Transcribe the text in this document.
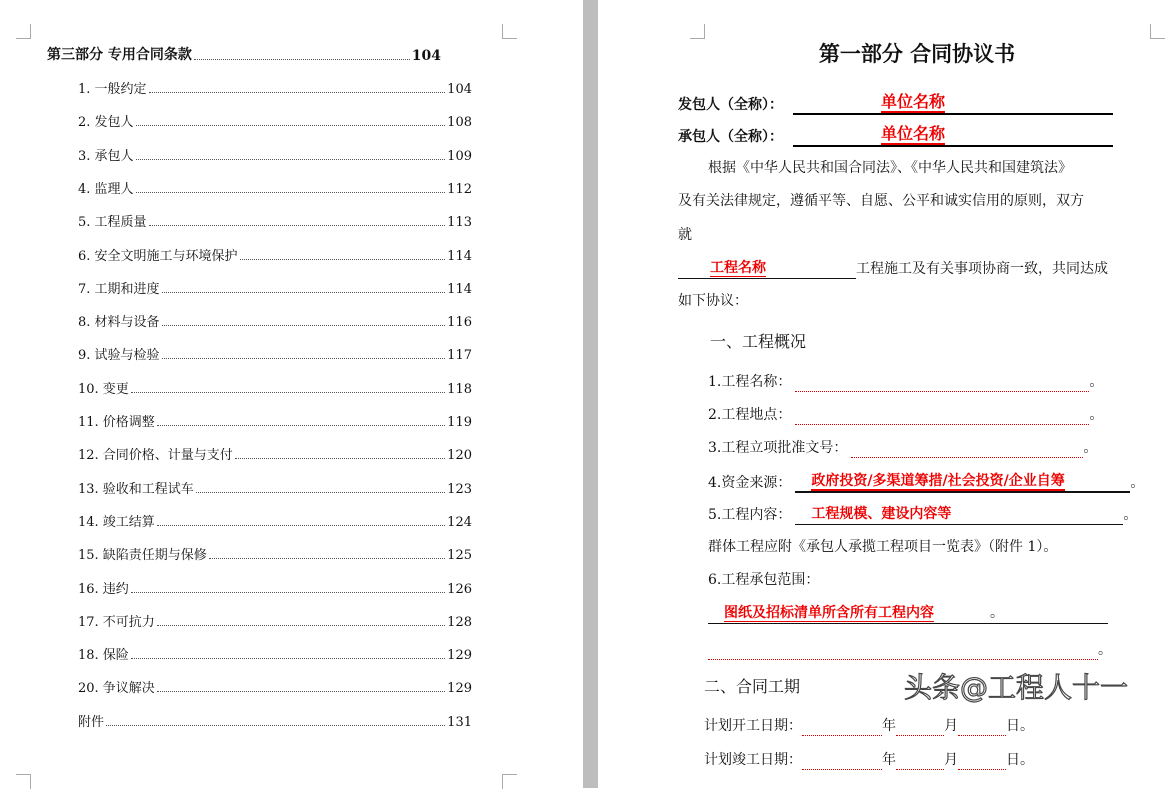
第三部分 专用合同条款	104
1. 一般约定	104
2. 发包人	108
3. 承包人	109
4. 监理人	112
5. 工程质量	113
6. 安全文明施工与环境保护	114
7. 工期和进度	114
8. 材料与设备	116
9. 试验与检验	117
10. 变更	118
11. 价格调整	119
12. 合同价格、计量与支付	120
13. 验收和工程试车	123
14. 竣工结算	124
15. 缺陷责任期与保修	125
16. 违约	126
17. 不可抗力	128
18. 保险	129
20. 争议解决	129
附件	131
第一部分 合同协议书
发包人（全称）：	单位名称
承包人（全称）：	单位名称
根据《中华人民共和国合同法》、《中华人民共和国建筑法》
及有关法律规定，遵循平等、自愿、公平和诚实信用的原则，双方
就
工程名称	工程施工及有关事项协商一致，共同达成
如下协议：
一、工程概况
1.工程名称：	。
2.工程地点：	。
3.工程立项批准文号：	。
4.资金来源： 政府投资/多渠道筹措/社会投资/企业自筹	。
5.工程内容： 工程规模、建设内容等	。
群体工程应附《承包人承揽工程项目一览表》（附件 1）。
6.工程承包范围：
图纸及招标清单所含所有工程内容	。
。
二、合同工期
计划开工日期：	年	月	日。
计划竣工日期：	年	月	日。
头条@工程人十一
